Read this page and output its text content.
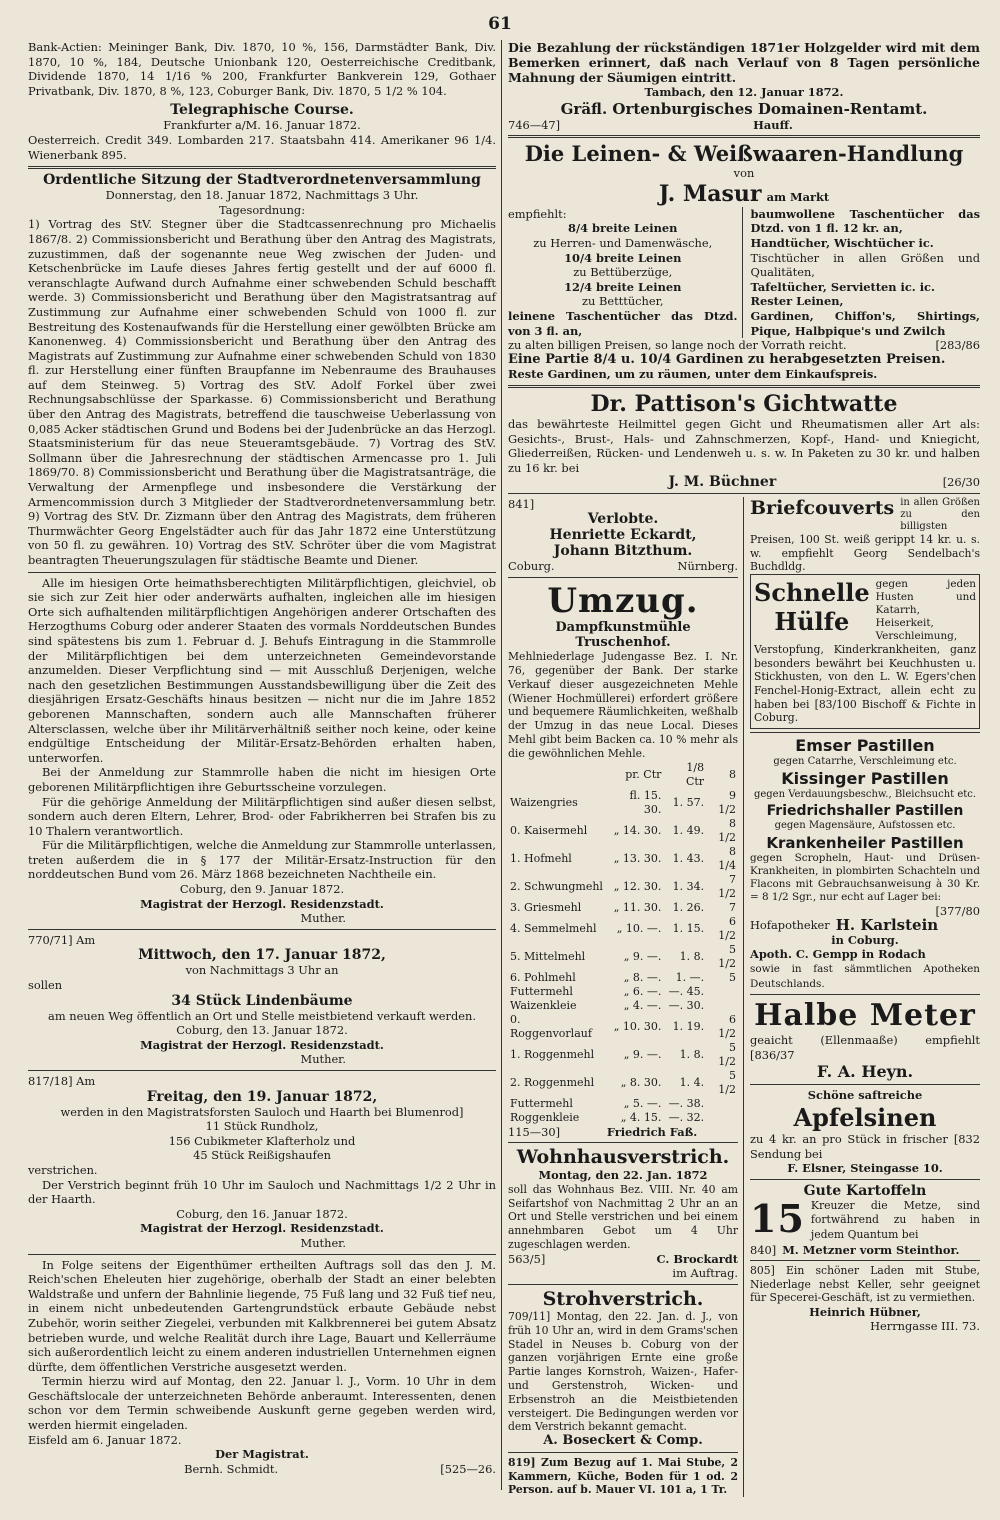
61

Bank-Actien: Meininger Bank, Div. 1870, 10 %, 156, Darmstädter Bank, Div. 1870, 10 %, 184, Deutsche Unionbank 120, Oesterreichische Creditbank, Dividende 1870, 14 1/16 % 200, Frankfurter Bankverein 129, Gothaer Privatbank, Div. 1870, 8 %, 123, Coburger Bank, Div. 1870, 5 1/2 % 104.

Telegraphische Course.
Frankfurter a/M. 16. Januar 1872.

Oesterreich. Credit 349. Lombarden 217. Staatsbahn 414. Amerikaner 96 1/4. Wienerbank 895.

Ordentliche Sitzung der Stadtverordnetenversammlung
Donnerstag, den 18. Januar 1872, Nachmittags 3 Uhr.
Tagesordnung:

1) Vortrag des StV. Stegner über die Stadtcassenrechnung pro Michaelis 1867/8. 2) Commissionsbericht und Berathung über den Antrag des Magistrats, zuzustimmen, daß der sogenannte neue Weg zwischen der Juden- und Ketschenbrücke im Laufe dieses Jahres fertig gestellt und der auf 6000 fl. veranschlagte Aufwand durch Aufnahme einer schwebenden Schuld beschafft werde. 3) Commissionsbericht und Berathung über den Magistratsantrag auf Zustimmung zur Aufnahme einer schwebenden Schuld von 1000 fl. zur Bestreitung des Kostenaufwands für die Herstellung einer gewölbten Brücke am Kanonenweg. 4) Commissionsbericht und Berathung über den Antrag des Magistrats auf Zustimmung zur Aufnahme einer schwebenden Schuld von 1830 fl. zur Herstellung einer fünften Braupfanne im Nebenraume des Brauhauses auf dem Steinweg. 5) Vortrag des StV. Adolf Forkel über zwei Rechnungsabschlüsse der Sparkasse. 6) Commissionsbericht und Berathung über den Antrag des Magistrats, betreffend die tauschweise Ueberlassung von 0,085 Acker städtischen Grund und Bodens bei der Judenbrücke an das Herzogl. Staatsministerium für das neue Steueramtsgebäude. 7) Vortrag des StV. Sollmann über die Jahresrechnung der städtischen Armencasse pro 1. Juli 1869/70. 8) Commissionsbericht und Berathung über die Magistratsanträge, die Verwaltung der Armenpflege und insbesondere die Verstärkung der Armencommission durch 3 Mitglieder der Stadtverordnetenversammlung betr. 9) Vortrag des StV. Dr. Zizmann über den Antrag des Magistrats, dem früheren Thurmwächter Georg Engelstädter auch für das Jahr 1872 eine Unterstützung von 50 fl. zu gewähren. 10) Vortrag des StV. Schröter über die vom Magistrat beantragten Theuerungszulagen für städtische Beamte und Diener.

Alle im hiesigen Orte heimathsberechtigten Militärpflichtigen, gleichviel, ob sie sich zur Zeit hier oder anderwärts aufhalten, ingleichen alle im hiesigen Orte sich aufhaltenden militärpflichtigen Angehörigen anderer Ortschaften des Herzogthums Coburg oder anderer Staaten des vormals Norddeutschen Bundes sind spätestens bis zum 1. Februar d. J. Behufs Eintragung in die Stammrolle der Militärpflichtigen bei dem unterzeichneten Gemeindevorstande anzumelden. Dieser Verpflichtung sind — mit Ausschluß Derjenigen, welche nach den gesetzlichen Bestimmungen Ausstandsbewilligung über die Zeit des diesjährigen Ersatz-Geschäfts hinaus besitzen — nicht nur die im Jahre 1852 geborenen Mannschaften, sondern auch alle Mannschaften früherer Altersclassen, welche über ihr Militärverhältniß seither noch keine, oder keine endgültige Entscheidung der Militär-Ersatz-Behörden erhalten haben, unterworfen.

Bei der Anmeldung zur Stammrolle haben die nicht im hiesigen Orte geborenen Militärpflichtigen ihre Geburtsscheine vorzulegen.

Für die gehörige Anmeldung der Militärpflichtigen sind außer diesen selbst, sondern auch deren Eltern, Lehrer, Brod- oder Fabrikherren bei Strafen bis zu 10 Thalern verantwortlich.

Für die Militärpflichtigen, welche die Anmeldung zur Stammrolle unterlassen, treten außerdem die in § 177 der Militär-Ersatz-Instruction für den norddeutschen Bund vom 26. März 1868 bezeichneten Nachtheile ein.

Coburg, den 9. Januar 1872.
Magistrat der Herzogl. Residenzstadt.
Muther.
770/71] Am
Mittwoch, den 17. Januar 1872,
von Nachmittags 3 Uhr an
sollen
34 Stück Lindenbäume
am neuen Weg öffentlich an Ort und Stelle meistbietend verkauft werden.
Coburg, den 13. Januar 1872.
Magistrat der Herzogl. Residenzstadt.
Muther.
817/18] Am
Freitag, den 19. Januar 1872,
werden in den Magistratsforsten Sauloch und Haarth bei Blumenrod]
11 Stück Rundholz,
156 Cubikmeter Klafterholz und
45 Stück Reißigshaufen
verstrichen.

Der Verstrich beginnt früh 10 Uhr im Sauloch und Nachmittags 1/2 2 Uhr in der Haarth.

Coburg, den 16. Januar 1872.
Magistrat der Herzogl. Residenzstadt.
Muther.

In Folge seitens der Eigenthümer ertheilten Auftrags soll das den J. M. Reich'schen Eheleuten hier zugehörige, oberhalb der Stadt an einer belebten Waldstraße und unfern der Bahnlinie liegende, 75 Fuß lang und 32 Fuß tief neu, in einem nicht unbedeutenden Gartengrundstück erbaute Gebäude nebst Zubehör, worin seither Ziegelei, verbunden mit Kalkbrennerei bei gutem Absatz betrieben wurde, und welche Realität durch ihre Lage, Bauart und Kellerräume sich außerordentlich leicht zu einem anderen industriellen Unternehmen eignen dürfte, dem öffentlichen Verstriche ausgesetzt werden.

Termin hierzu wird auf Montag, den 22. Januar l. J., Vorm. 10 Uhr in dem Geschäftslocale der unterzeichneten Behörde anberaumt. Interessenten, denen schon vor dem Termin schweibende Auskunft gerne gegeben werden wird, werden hiermit eingeladen.

Eisfeld am 6. Januar 1872.
Der Magistrat.
Bernh. Schmidt.	[525—26.

Die Bezahlung der rückständigen 1871er Holzgelder wird mit dem Bemerken erinnert, daß nach Verlauf von 8 Tagen persönliche Mahnung der Säumigen eintritt.

Tambach, den 12. Januar 1872.
Gräfl. Ortenburgisches Domainen-Rentamt.
746—47]	Hauff.
Die Leinen- & Weißwaaren-Handlung
von
J. Masur am Markt
empfiehlt:
8/4 breite Leinen
zu Herren- und Damenwäsche,
10/4 breite Leinen
zu Bettüberzüge,
12/4 breite Leinen
zu Betttücher,
leinene Taschentücher das Dtzd. von 3 fl. an,
baumwollene Taschentücher das Dtzd. von 1 fl. 12 kr. an,
Handtücher, Wischtücher ic.
Tischtücher in allen Größen und Qualitäten,
Tafeltücher, Servietten ic. ic.
Rester Leinen,
Gardinen, Chiffon's, Shirtings, Pique, Halbpique's und Zwilch
zu alten billigen Preisen, so lange noch der Vorrath reicht.	[283/86
Eine Partie 8/4 u. 10/4 Gardinen zu herabgesetzten Preisen.
Reste Gardinen, um zu räumen, unter dem Einkaufspreis.
Dr. Pattison's Gichtwatte

das bewährteste Heilmittel gegen Gicht und Rheumatismen aller Art als: Gesichts-, Brust-, Hals- und Zahnschmerzen, Kopf-, Hand- und Kniegicht, Gliederreißen, Rücken- und Lendenweh u. s. w. In Paketen zu 30 kr. und halben zu 16 kr. bei

J. M. Büchner	[26/30
841]
Verlobte.
Henriette Eckardt,
Johann Bitzthum.
Coburg.	Nürnberg.
Umzug.
Dampfkunstmühle Truschenhof.

Mehlniederlage Judengasse Bez. I. Nr. 76, gegenüber der Bank. Der starke Verkauf dieser ausgezeichneten Mehle (Wiener Hochmüllerei) erfordert größere und bequemere Räumlichkeiten, weßhalb der Umzug in das neue Local. Dieses Mehl gibt beim Backen ca. 10 % mehr als die gewöhnlichen Mehle.

	pr. Ctr	1/8 Ctr	8
Waizengries	fl. 15. 30.	1. 57.	9 1/2
0. Kaisermehl	„ 14. 30.	1. 49.	8 1/2
1. Hofmehl	„ 13. 30.	1. 43.	8 1/4
2. Schwungmehl	„ 12. 30.	1. 34.	7 1/2
3. Griesmehl	„ 11. 30.	1. 26.	7
4. Semmelmehl	„ 10. —.	1. 15.	6 1/2
5. Mittelmehl	„ 9. —.	1. 8.	5 1/2
6. Pohlmehl	„ 8. —.	1. —.	5
Futtermehl	„ 6. —.	—. 45.	
Waizenkleie	„ 4. —.	—. 30.	
0. Roggenvorlauf	„ 10. 30.	1. 19.	6 1/2
1. Roggenmehl	„ 9. —.	1. 8.	5 1/2
2. Roggenmehl	„ 8. 30.	1. 4.	5 1/2
Futtermehl	„ 5. —.	—. 38.	
Roggenkleie	„ 4. 15.	—. 32.	
115—30]	Friedrich Faß.
Wohnhausverstrich.
Montag, den 22. Jan. 1872

soll das Wohnhaus Bez. VIII. Nr. 40 am Seifartshof von Nachmittag 2 Uhr an an Ort und Stelle verstrichen und bei einem annehmbaren Gebot um 4 Uhr zugeschlagen werden.

563/5]	C. Brockardt
im Auftrag.
Strohverstrich.

709/11] Montag, den 22. Jan. d. J., von früh 10 Uhr an, wird in dem Grams'schen Stadel in Neuses b. Coburg von der ganzen vorjährigen Ernte eine große Partie langes Kornstroh, Waizen-, Hafer- und Gerstenstroh, Wicken- und Erbsenstroh an die Meistbietenden versteigert. Die Bedingungen werden vor dem Verstrich bekannt gemacht.

A. Boseckert & Comp.

819] Zum Bezug auf 1. Mai Stube, 2 Kammern, Küche, Boden für 1 od. 2 Person. auf b. Mauer VI. 101 a, 1 Tr.

Briefcouverts in allen Größen zu den billigsten

Preisen, 100 St. weiß gerippt 14 kr. u. s. w. empfiehlt Georg Sendelbach's Buchdldg.

Schnelle Hülfe
gegen jeden Husten und Katarrh, Heiserkeit, Verschleimung,

Verstopfung, Kinderkrankheiten, ganz besonders bewährt bei Keuchhusten u. Stickhusten, von den L. W. Egers'chen Fenchel-Honig-Extract, allein echt zu haben bei [83/100 Bischoff & Fichte in Coburg.

Emser Pastillen
gegen Catarrhe, Verschleimung etc.
Kissinger Pastillen
gegen Verdauungsbeschw., Bleichsucht etc.
Friedrichshaller Pastillen
gegen Magensäure, Aufstossen etc.
Krankenheiler Pastillen

gegen Scropheln, Haut- und Drüsen-Krankheiten, in plombirten Schachteln und Flacons mit Gebrauchsanweisung à 30 Kr. = 8 1/2 Sgr., nur echt auf Lager bei:

[377/80
Hofapotheker H. Karlstein
in Coburg.
Apoth. C. Gempp in Rodach
sowie in fast sämmtlichen Apotheken Deutschlands.
Halbe Meter
geaicht (Ellenmaaße) empfiehlt [836/37
F. A. Heyn.
Schöne saftreiche
Apfelsinen
zu 4 kr. an pro Stück in frischer Sendung bei
[832
F. Elsner, Steingasse 10.
Gute Kartoffeln
15 Kreuzer die Metze, sind fortwährend zu haben in jedem Quantum bei
840] M. Metzner vorm Steinthor.

805] Ein schöner Laden mit Stube, Niederlage nebst Keller, sehr geeignet für Specerei-Geschäft, ist zu vermiethen.

Heinrich Hübner,
Herrngasse III. 73.
